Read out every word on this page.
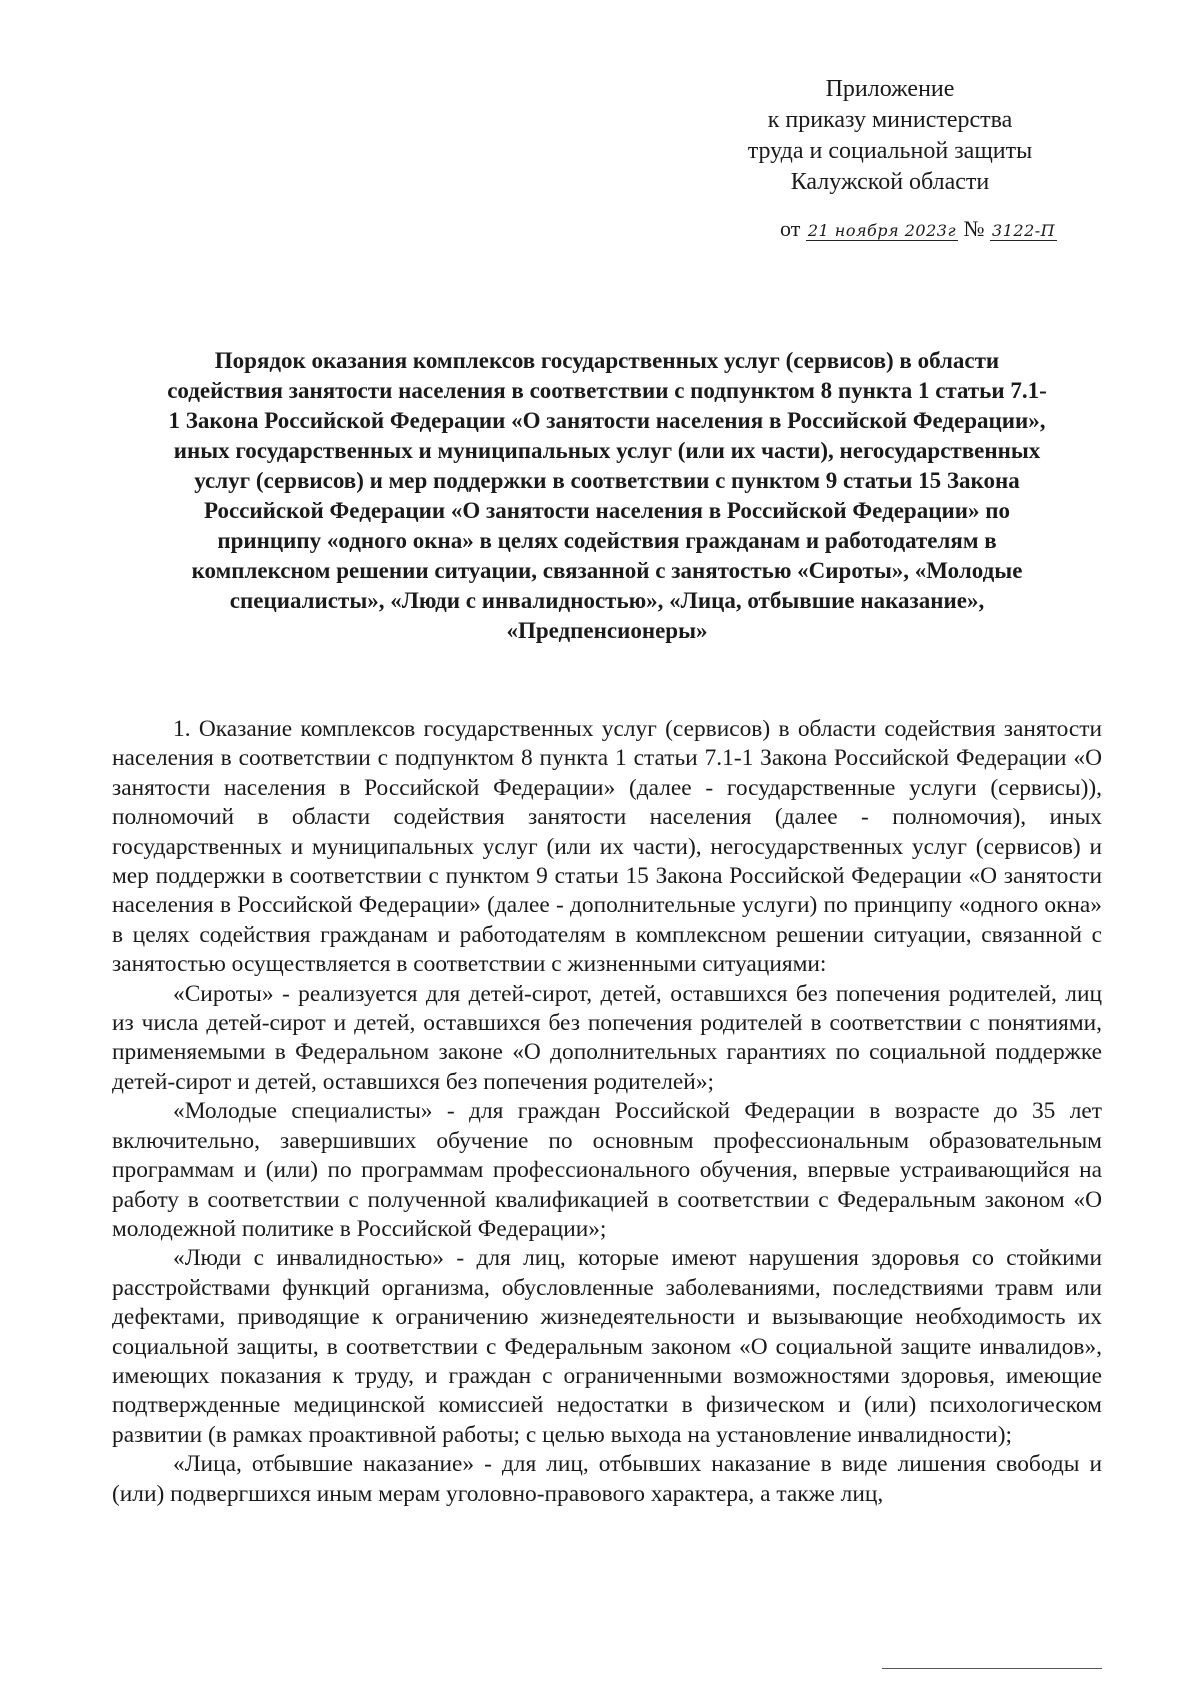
Приложение
к приказу министерства
труда и социальной защиты
Калужской области
от 21 ноября 2023г № 3122-П
Порядок оказания комплексов государственных услуг (сервисов) в области
содействия занятости населения в соответствии с подпунктом 8 пункта 1 статьи 7.1-
1 Закона Российской Федерации «О занятости населения в Российской Федерации»,
иных государственных и муниципальных услуг (или их части), негосударственных
услуг (сервисов) и мер поддержки в соответствии с пунктом 9 статьи 15 Закона
Российской Федерации «О занятости населения в Российской Федерации» по
принципу «одного окна» в целях содействия гражданам и работодателям в
комплексном решении ситуации, связанной с занятостью «Сироты», «Молодые
специалисты», «Люди с инвалидностью», «Лица, отбывшие наказание»,
«Предпенсионеры»

1. Оказание комплексов государственных услуг (сервисов) в области содействия занятости населения в соответствии с подпунктом 8 пункта 1 статьи 7.1-1 Закона Российской Федерации «О занятости населения в Российской Федерации» (далее - государственные услуги (сервисы)), полномочий в области содействия занятости населения (далее - полномочия), иных государственных и муниципальных услуг (или их части), негосударственных услуг (сервисов) и мер поддержки в соответствии с пунктом 9 статьи 15 Закона Российской Федерации «О занятости населения в Российской Федерации» (далее - дополнительные услуги) по принципу «одного окна» в целях содействия гражданам и работодателям в комплексном решении ситуации, связанной с занятостью осуществляется в соответствии с жизненными ситуациями:

«Сироты» - реализуется для детей-сирот, детей, оставшихся без попечения родителей, лиц из числа детей-сирот и детей, оставшихся без попечения родителей в соответствии с понятиями, применяемыми в Федеральном законе «О дополнительных гарантиях по социальной поддержке детей-сирот и детей, оставшихся без попечения родителей»;

«Молодые специалисты» - для граждан Российской Федерации в возрасте до 35 лет включительно, завершивших обучение по основным профессиональным образовательным программам и (или) по программам профессионального обучения, впервые устраивающийся на работу в соответствии с полученной квалификацией в соответствии с Федеральным законом «О молодежной политике в Российской Федерации»;

«Люди с инвалидностью» - для лиц, которые имеют нарушения здоровья со стойкими расстройствами функций организма, обусловленные заболеваниями, последствиями травм или дефектами, приводящие к ограничению жизнедеятельности и вызывающие необходимость их социальной защиты, в соответствии с Федеральным законом «О социальной защите инвалидов», имеющих показания к труду, и граждан с ограниченными возможностями здоровья, имеющие подтвержденные медицинской комиссией недостатки в физическом и (или) психологическом развитии (в рамках проактивной работы; с целью выхода на установление инвалидности);

«Лица, отбывшие наказание» - для лиц, отбывших наказание в виде лишения свободы и (или) подвергшихся иным мерам уголовно-правового характера, а также лиц,
